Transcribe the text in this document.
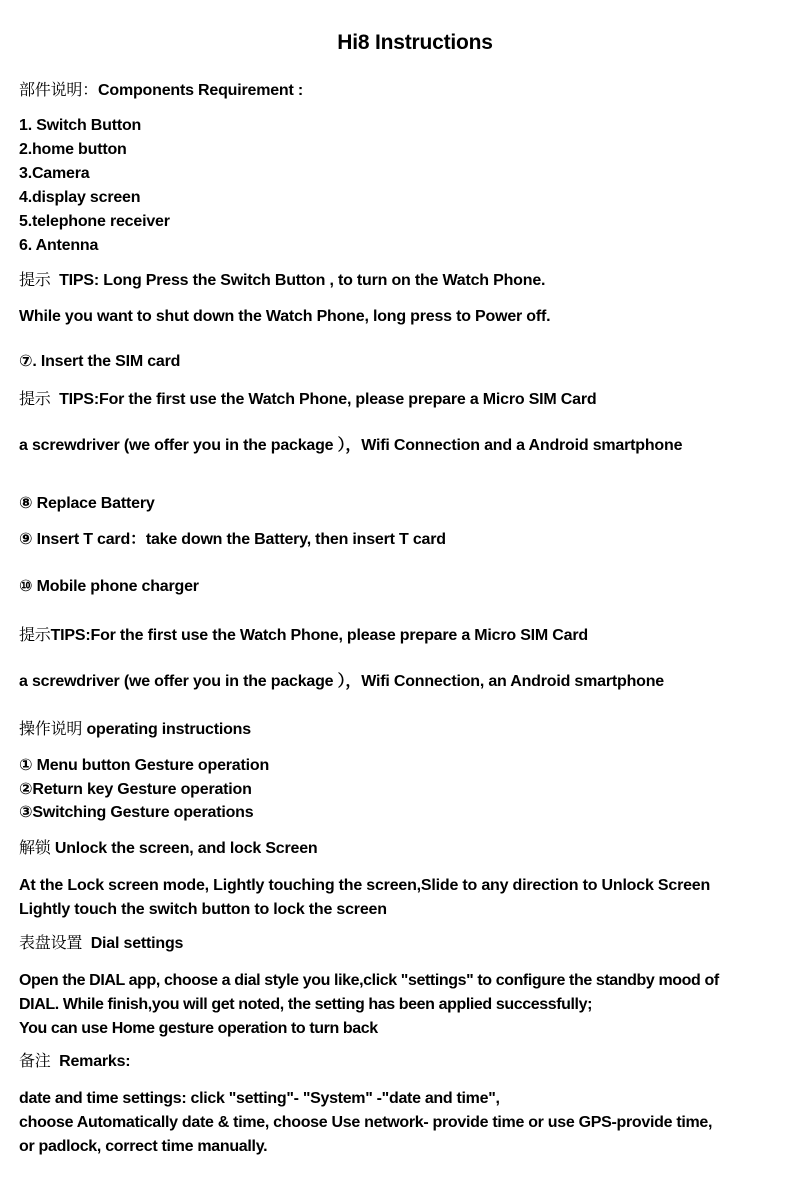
Hi8 Instructions
部件说明：Components Requirement :
1. Switch Button
2.home button
3.Camera
4.display screen
5.telephone receiver
6. Antenna
提示 TIPS: Long Press the Switch Button , to turn on the Watch Phone.
While you want to shut down the Watch Phone, long press to Power off.
⑦. Insert the SIM card
提示 TIPS:For the first use the Watch Phone, please prepare a Micro SIM Card
a screwdriver (we offer you in the package ），Wifi Connection and a Android smartphone
⑧ Replace Battery
⑨ Insert T card：take down the Battery, then insert T card
⑩ Mobile phone charger
提示TIPS:For the first use the Watch Phone, please prepare a Micro SIM Card
a screwdriver (we offer you in the package ），Wifi Connection, an Android smartphone
操作说明 operating instructions
① Menu button Gesture operation
②Return key Gesture operation
③Switching Gesture operations
解锁 Unlock the screen, and lock Screen
At the Lock screen mode, Lightly touching the screen,Slide to any direction to Unlock Screen
Lightly touch the switch button to lock the screen
表盘设置 Dial settings
Open the DIAL app, choose a dial style you like,click "settings" to configure the standby mood of
DIAL. While finish,you will get noted, the setting has been applied successfully;
You can use Home gesture operation to turn back
备注 Remarks:
date and time settings: click "setting"- "System" -"date and time",
choose Automatically date & time, choose Use network- provide time or use GPS-provide time,
or padlock, correct time manually.
